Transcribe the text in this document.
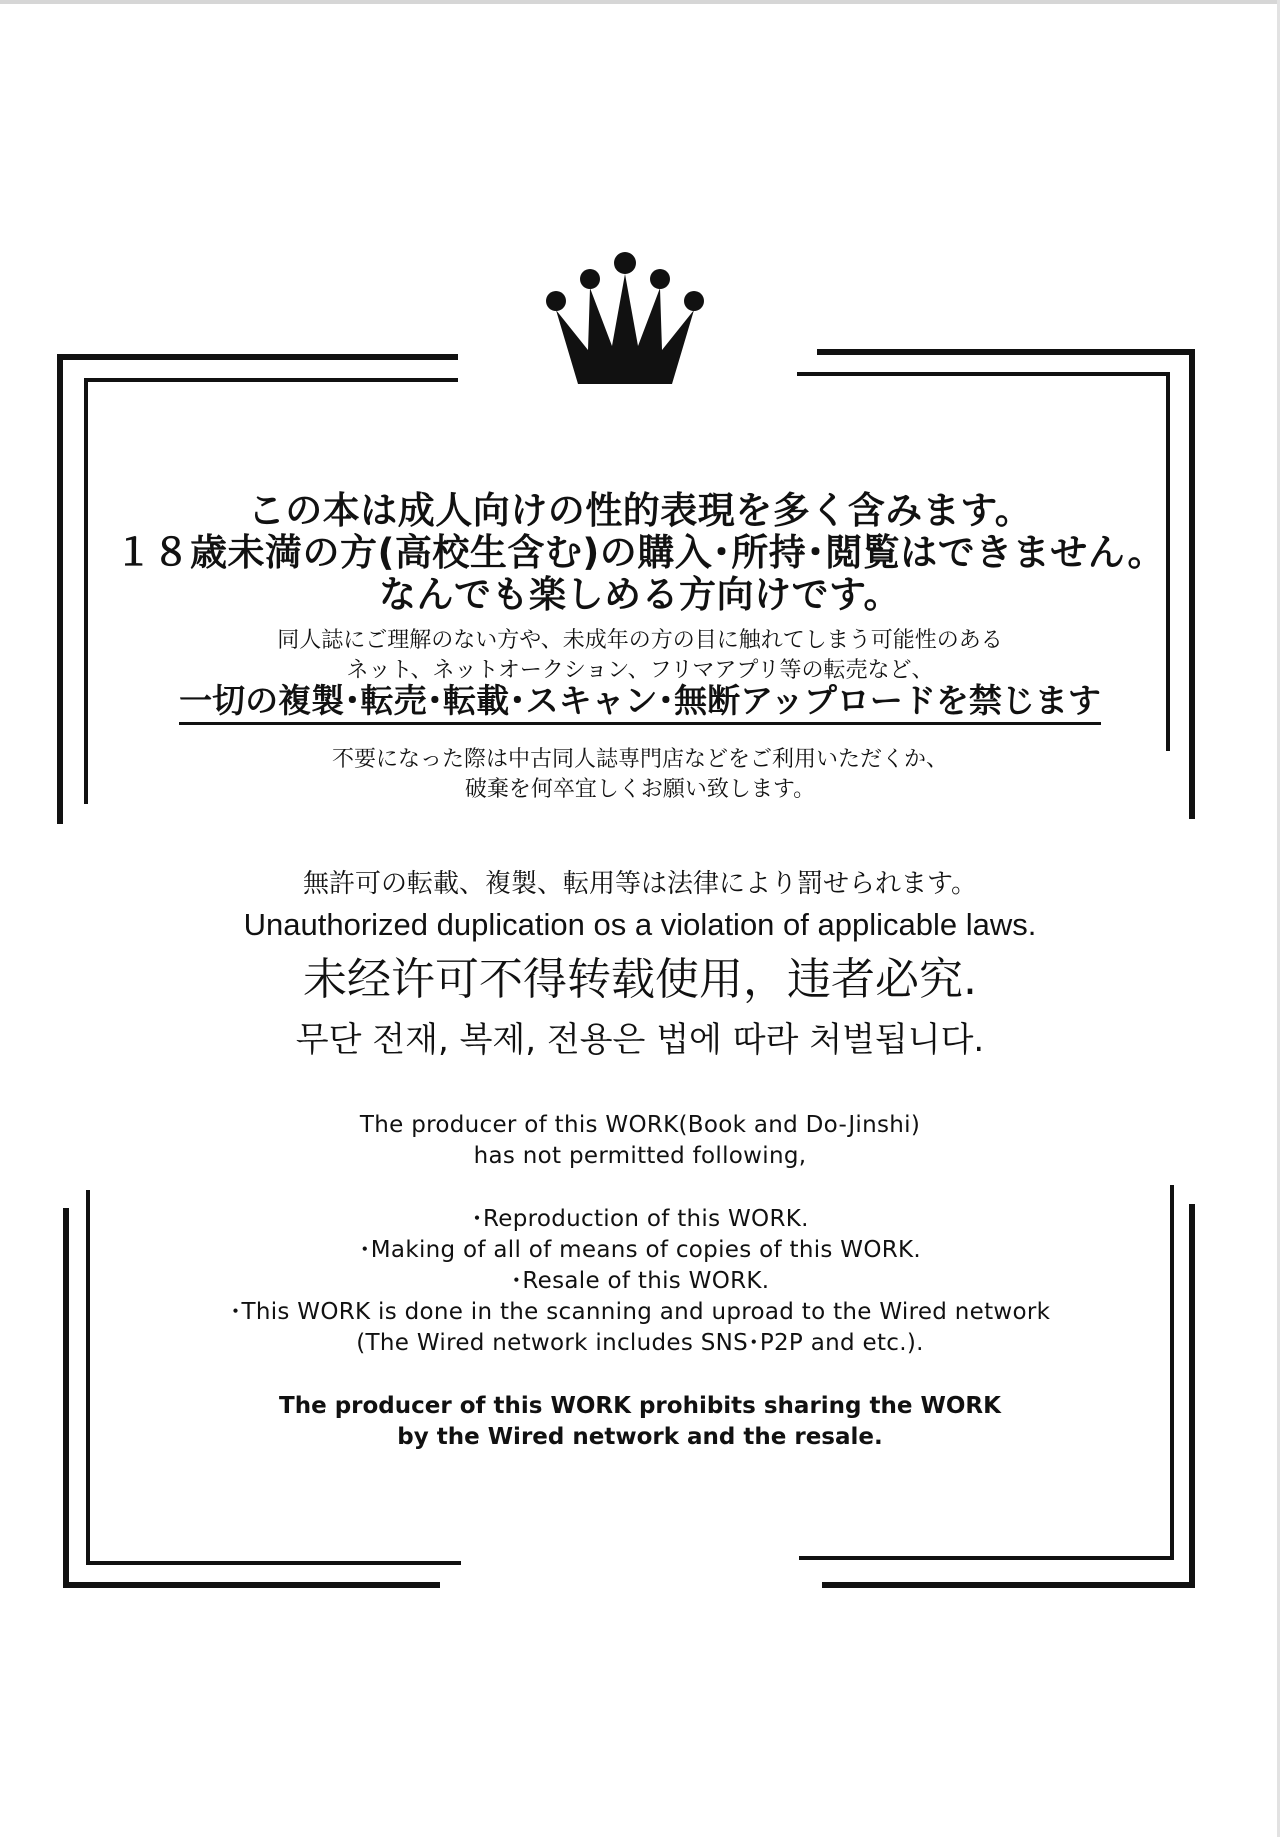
この本は成人向けの性的表現を多く含みます。
１８歳未満の方(高校生含む)の購入･所持･閲覧はできません。
なんでも楽しめる方向けです。
同人誌にご理解のない方や、未成年の方の目に触れてしまう可能性のある
ネット、ネットオークション、フリマアプリ等の転売など、
一切の複製･転売･転載･スキャン･無断アップロードを禁じます
不要になった際は中古同人誌専門店などをご利用いただくか、
破棄を何卒宜しくお願い致します。
無許可の転載、複製、転用等は法律により罰せられます。
Unauthorized duplication os a violation of applicable laws.
未经许可不得转载使用，违者必究.
무단 전재, 복제, 전용은 법에 따라 처벌됩니다.
The producer of this WORK(Book and Do-Jinshi)
has not permitted following,
･Reproduction of this WORK.
･Making of all of means of copies of this WORK.
･Resale of this WORK.
･This WORK is done in the scanning and uproad to the Wired network
(The Wired network includes SNS･P2P and etc.).
The producer of this WORK prohibits sharing the WORK
by the Wired network and the resale.
